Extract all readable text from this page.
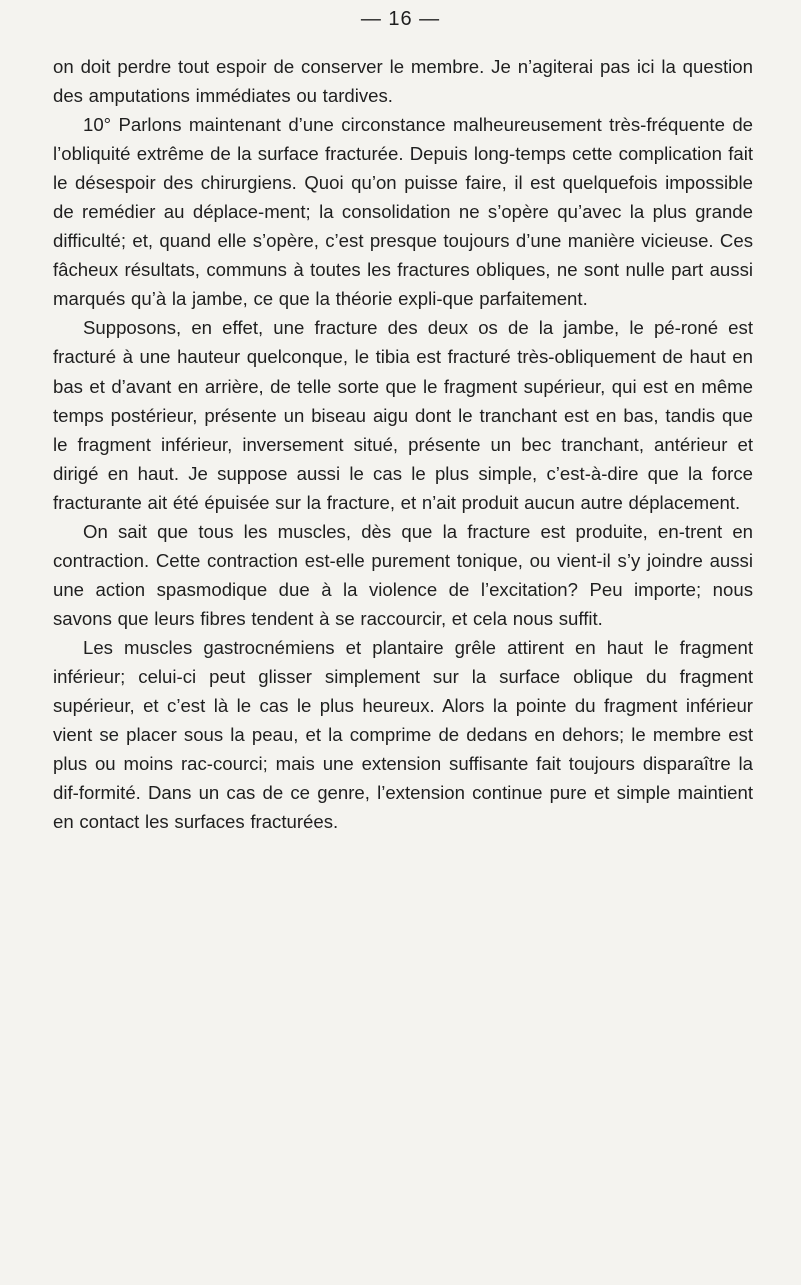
— 16 —

on doit perdre tout espoir de conserver le membre. Je n’agiterai pas ici la question des amputations immédiates ou tardives.

10° Parlons maintenant d’une circonstance malheureusement très-fréquente de l’obliquité extrême de la surface fracturée. Depuis long-temps cette complication fait le désespoir des chirurgiens. Quoi qu’on puisse faire, il est quelquefois impossible de remédier au déplace-ment; la consolidation ne s’opère qu’avec la plus grande difficulté; et, quand elle s’opère, c’est presque toujours d’une manière vicieuse. Ces fâcheux résultats, communs à toutes les fractures obliques, ne sont nulle part aussi marqués qu’à la jambe, ce que la théorie expli-que parfaitement.

Supposons, en effet, une fracture des deux os de la jambe, le pé-roné est fracturé à une hauteur quelconque, le tibia est fracturé très-obliquement de haut en bas et d’avant en arrière, de telle sorte que le fragment supérieur, qui est en même temps postérieur, présente un biseau aigu dont le tranchant est en bas, tandis que le fragment inférieur, inversement situé, présente un bec tranchant, antérieur et dirigé en haut. Je suppose aussi le cas le plus simple, c’est-à-dire que la force fracturante ait été épuisée sur la fracture, et n’ait produit aucun autre déplacement.

On sait que tous les muscles, dès que la fracture est produite, en-trent en contraction. Cette contraction est-elle purement tonique, ou vient-il s’y joindre aussi une action spasmodique due à la violence de l’excitation? Peu importe; nous savons que leurs fibres tendent à se raccourcir, et cela nous suffit.

Les muscles gastrocnémiens et plantaire grêle attirent en haut le fragment inférieur; celui-ci peut glisser simplement sur la surface oblique du fragment supérieur, et c’est là le cas le plus heureux. Alors la pointe du fragment inférieur vient se placer sous la peau, et la comprime de dedans en dehors; le membre est plus ou moins rac-courci; mais une extension suffisante fait toujours disparaître la dif-formité. Dans un cas de ce genre, l’extension continue pure et simple maintient en contact les surfaces fracturées.
